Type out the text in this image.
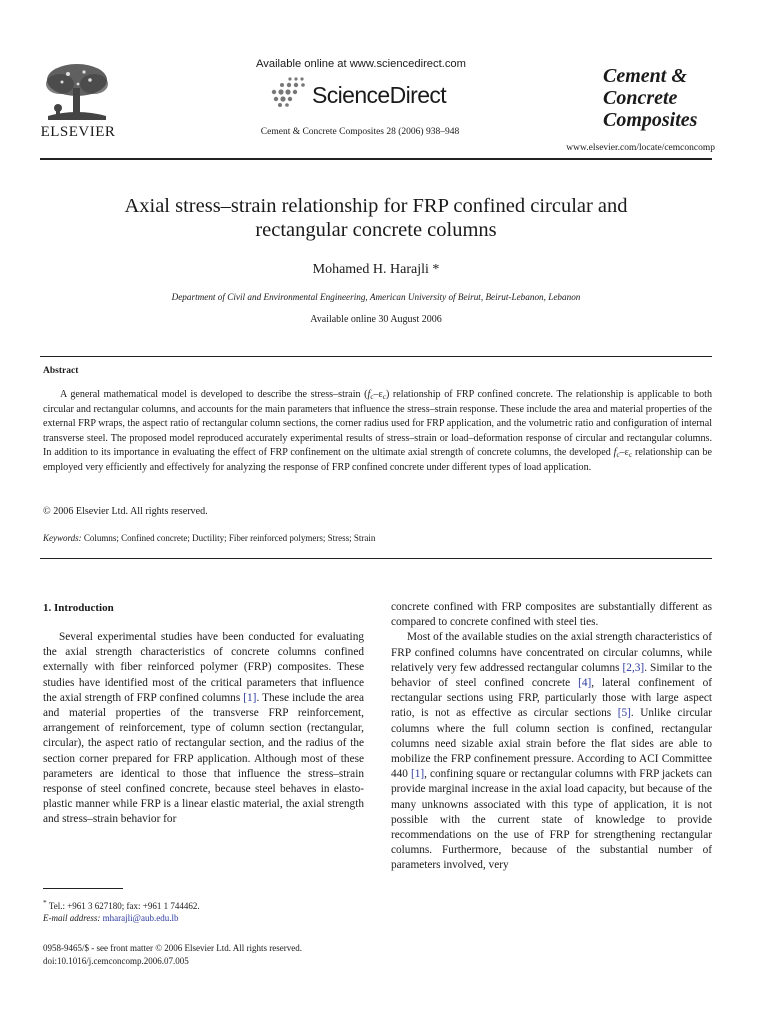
ELSEVIER
Available online at www.sciencedirect.com
ScienceDirect
Cement & Concrete Composites 28 (2006) 938–948
Cement &
Concrete
Composites
www.elsevier.com/locate/cemconcomp
Axial stress–strain relationship for FRP confined circular and
rectangular concrete columns
Mohamed H. Harajli *
Department of Civil and Environmental Engineering, American University of Beirut, Beirut-Lebanon, Lebanon
Available online 30 August 2006
Abstract
A general mathematical model is developed to describe the stress–strain $(f_c-\varepsilon_c)$ relationship of FRP confined concrete. The relationship is applicable to both circular and rectangular columns, and accounts for the main parameters that influence the stress–strain response. These include the area and material properties of the external FRP wraps, the aspect ratio of rectangular column sections, the corner radius used for FRP application, and the volumetric ratio and configuration of internal transverse steel. The proposed model reproduced accurately experimental results of stress–strain or load–deformation response of circular and rectangular columns. In addition to its importance in evaluating the effect of FRP confinement on the ultimate axial strength of concrete columns, the developed $f_c-\varepsilon_c$ relationship can be employed very efficiently and effectively for analyzing the response of FRP confined concrete under different types of load application.
© 2006 Elsevier Ltd. All rights reserved.
Keywords: Columns; Confined concrete; Ductility; Fiber reinforced polymers; Stress; Strain
1. Introduction

Several experimental studies have been conducted for evaluating the axial strength characteristics of concrete columns confined externally with fiber reinforced polymer (FRP) composites. These studies have identified most of the critical parameters that influence the axial strength of FRP confined columns [1]. These include the area and material properties of the transverse FRP reinforcement, arrangement of reinforcement, type of column section (rectangular, circular), the aspect ratio of rectangular section, and the radius of the section corner prepared for FRP application. Although most of these parameters are identical to those that influence the stress–strain response of steel confined concrete, because steel behaves in elasto-plastic manner while FRP is a linear elastic material, the axial strength and stress–strain behavior for

concrete confined with FRP composites are substantially different as compared to concrete confined with steel ties.

Most of the available studies on the axial strength characteristics of FRP confined columns have concentrated on circular columns, while relatively very few addressed rectangular columns [2,3]. Similar to the behavior of steel confined concrete [4], lateral confinement of rectangular sections using FRP, particularly those with large aspect ratio, is not as effective as circular sections [5]. Unlike circular columns where the full column section is confined, rectangular columns need sizable axial strain before the flat sides are able to mobilize the FRP confinement pressure. According to ACI Committee 440 [1], confining square or rectangular columns with FRP jackets can provide marginal increase in the axial load capacity, but because of the many unknowns associated with this type of application, it is not possible with the current state of knowledge to provide recommendations on the use of FRP for strengthening rectangular columns. Furthermore, because of the substantial number of parameters involved, very

* Tel.: +961 3 627180; fax: +961 1 744462.
E-mail address: mharajli@aub.edu.lb
0958-9465/$ - see front matter © 2006 Elsevier Ltd. All rights reserved.
doi:10.1016/j.cemconcomp.2006.07.005
